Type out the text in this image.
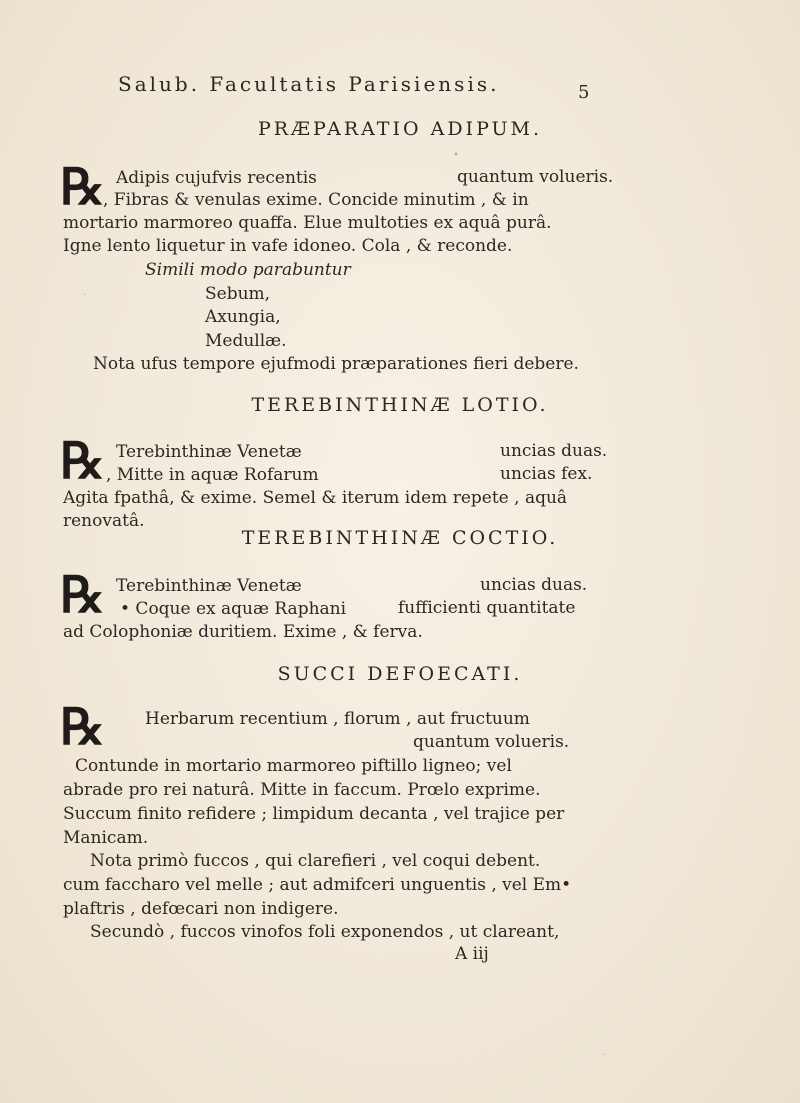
Salub. Facultatis Parisiensis.	5
PRÆPARATIO ADIPUM.
℞ Adipis cujufvis recentis	quantum volueris.
, Fibras & venulas exime. Concide minutim , & in
mortario marmoreo quaffa. Elue multoties ex aquâ purâ.
Igne lento liquetur in vafe idoneo. Cola , & reconde.
Simili modo parabuntur
Sebum,
Axungia,
Medullæ.
Nota ufus tempore ejufmodi præparationes fieri debere.
TEREBINTHINÆ LOTIO.
℞ Terebinthinæ Venetæ	uncias duas.
, Mitte in aquæ Rofarum	uncias fex.
Agita fpathâ, & exime. Semel & iterum idem repete , aquâ
renovatâ.
TEREBINTHINÆ COCTIO.
℞ Terebinthinæ Venetæ	uncias duas.
• Coque ex aquæ Raphani	fufficienti quantitate
ad Colophoniæ duritiem. Exime , & ferva.
SUCCI DEFOECATI.
℞ Herbarum recentium , florum , aut fructuum
quantum volueris.
Contunde in mortario marmoreo piftillo ligneo; vel
abrade pro rei naturâ. Mitte in faccum. Prœlo exprime.
Succum finito refidere ; limpidum decanta , vel trajice per
Manicam.
Nota primò fuccos , qui clarefieri , vel coqui debent.
cum faccharo vel melle ; aut admifceri unguentis , vel Em•
plaftris , defœcari non indigere.
Secundò , fuccos vinofos foli exponendos , ut clareant,
A iij
•
·
·
